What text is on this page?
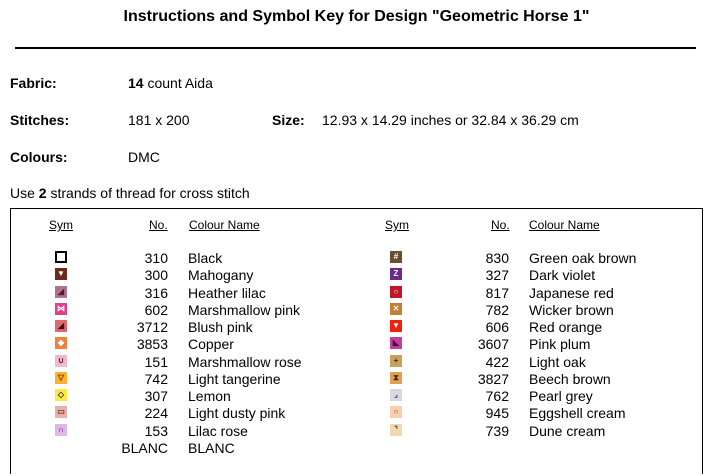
Instructions and Symbol Key for Design "Geometric Horse 1"
Fabric:	14 count Aida
Stitches:	181 x 200	Size: 12.93 x 14.29 inches or 32.84 x 36.29 cm
Colours:	DMC
Use 2 strands of thread for cross stitch
Sym	No. Colour Name	Sym	No. Colour Name
310 Black
▼	300 Mahogany
◢	316 Heather lilac
⋈	602 Marshmallow pink
◢	3712 Blush pink
◆	3853 Copper
∪	151 Marshmallow rose
▽	742 Light tangerine
◇	307 Lemon
▭	224 Light dusty pink
∩	153 Lilac rose
BLANC BLANC
#	830 Green oak brown
Z	327 Dark violet
○	817 Japanese red
✕	782 Wicker brown
▼	606 Red orange
◣	3607 Pink plum
+	422 Light oak
⧗	3827 Beech brown
⌟	762 Pearl grey
○	945 Eggshell cream
⌝	739 Dune cream
